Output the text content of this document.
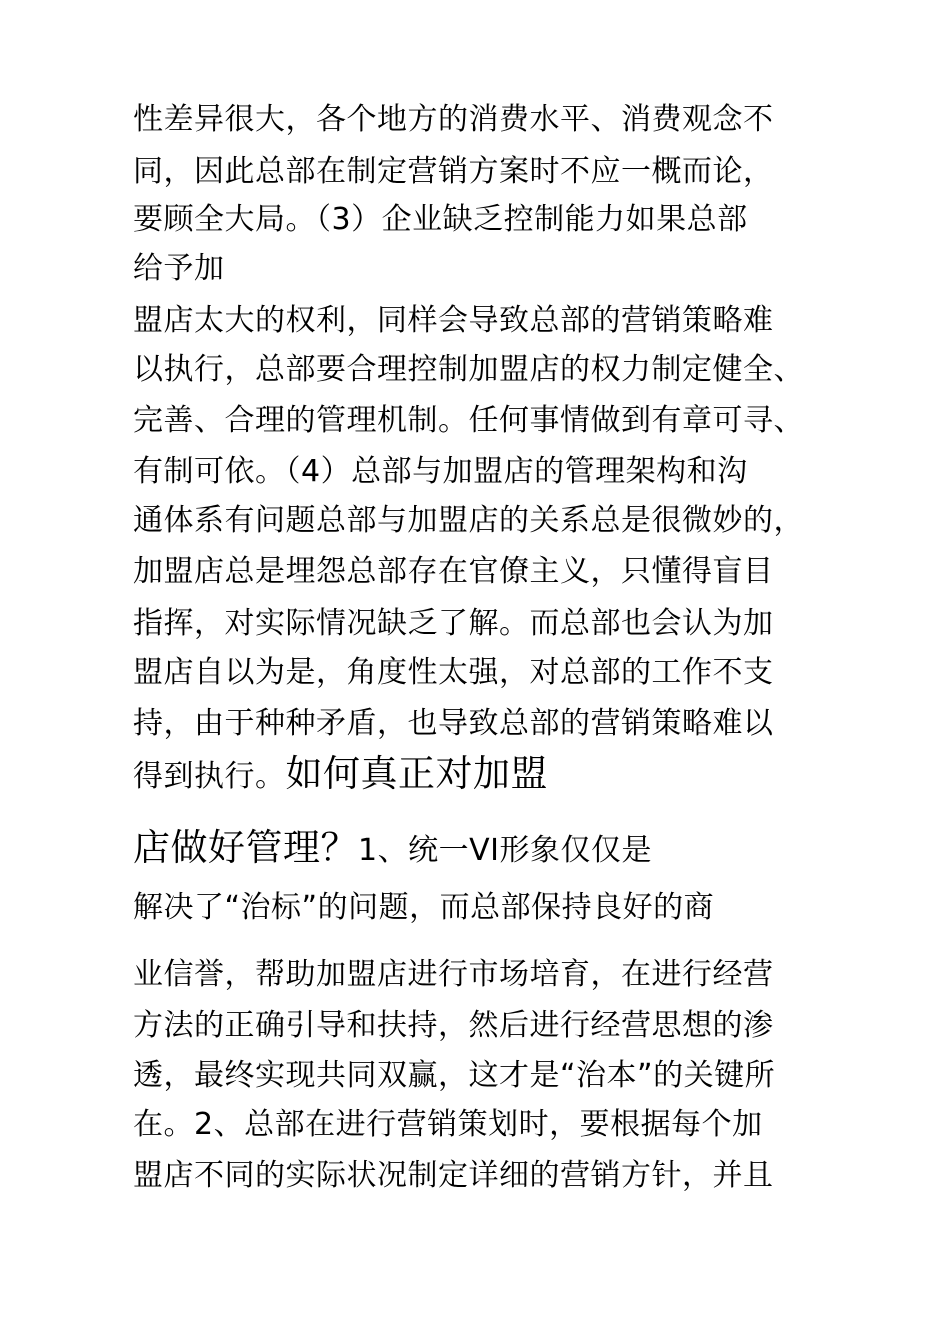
性差异很大，各个地方的消费水平、消费观念不
同，因此总部在制定营销方案时不应一概而论，
要顾全大局。（3）企业缺乏控制能力如果总部
给予加
盟店太大的权利，同样会导致总部的营销策略难
以执行，总部要合理控制加盟店的权力制定健全、
完善、合理的管理机制。任何事情做到有章可寻、
有制可依。（4）总部与加盟店的管理架构和沟
通体系有问题总部与加盟店的关系总是很微妙的，
加盟店总是埋怨总部存在官僚主义，只懂得盲目
指挥，对实际情况缺乏了解。而总部也会认为加
盟店自以为是，角度性太强，对总部的工作不支
持，由于种种矛盾，也导致总部的营销策略难以
得到执行。如何真正对加盟
店做好管理？1、统一VI形象仅仅是
解决了“治标”的问题，而总部保持良好的商
业信誉，帮助加盟店进行市场培育，在进行经营
方法的正确引导和扶持，然后进行经营思想的渗
透，最终实现共同双赢，这才是“治本”的关键所
在。2、总部在进行营销策划时，要根据每个加
盟店不同的实际状况制定详细的营销方针，并且
